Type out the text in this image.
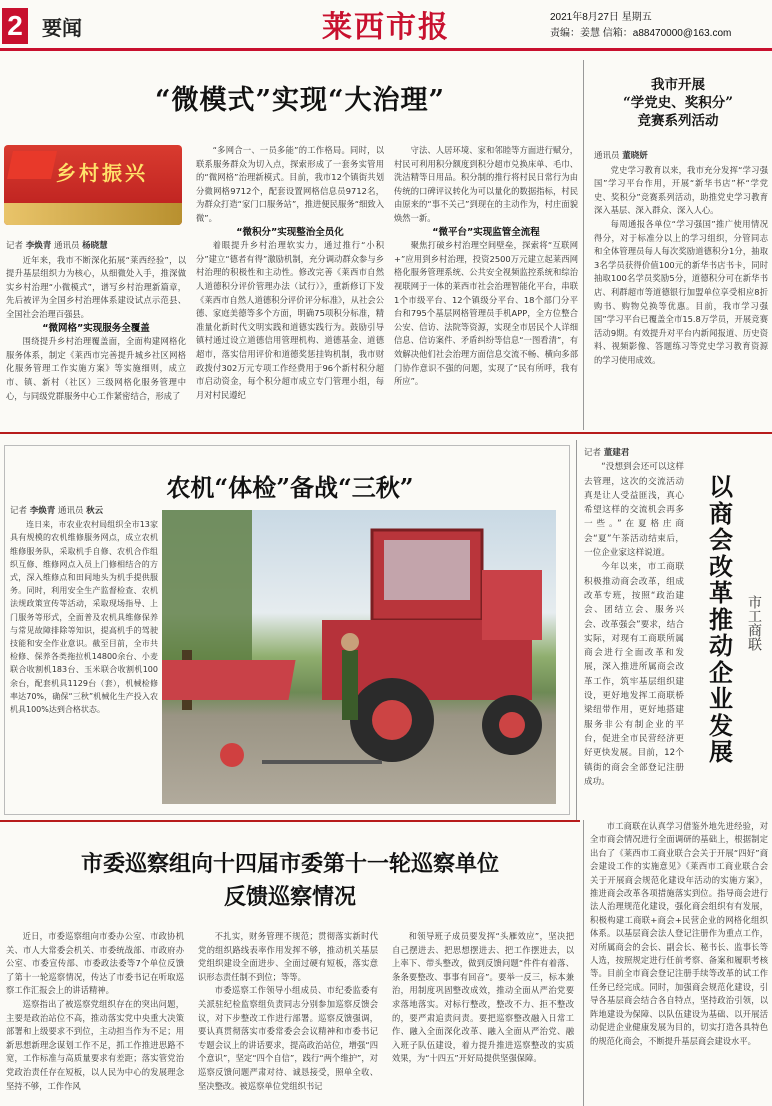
2 要闻	莱西市报	2021年8月27日 星期五
责编：姜慧 信箱：a88470000@163.com
“微模式”实现“大治理”
乡村振兴

记者 李焕青 通讯员 杨晓慧

近年来，我市不断深化拓展“莱西经验”，以提升基层组织力为核心，从细微处入手，推深做实乡村治理“小微模式”，谱写乡村治理新篇章，先后被评为全国乡村治理体系建设试点示范县、全国社会治理百强县。

“微网格”实现服务全覆盖

围绕提升乡村治理覆盖面，全面构建网格化服务体系，制定《莱西市完善提升城乡社区网格化服务管理工作实施方案》等实施细则，成立市、镇、新村（社区）三级网格化服务管理中心，与同级党群服务中心工作紧密结合，形成了

“多网合一、一员多能”的工作格局。同时，以联系服务群众为切入点，探索形成了一套务实管用的“微网格”治理新模式。目前，我市12个镇街共划分微网格9712个，配套设置网格信息员9712名，为群众打造“家门口服务站”，推进便民服务“细致入微”。

“微积分”实现整治全员化

着眼提升乡村治理软实力，通过推行“小积分”建立“德者有得”激励机制，充分调动群众参与乡村治理的积极性和主动性。修改完善《莱西市自然人道德积分评价管理办法（试行）》，重新修订下发《莱西市自然人道德积分评价评分标准》，从社会公德、家庭美德等多个方面，明确75项积分标准，精准量化新时代文明实践和道德实践行为。鼓励引导镇村通过设立道德信用管理机构、道德基金、道德超市，落实信用评价和道德奖惩挂钩机制，我市财政拨付302万元专项工作经费用于96个新村积分超市启动资金，每个积分超市成立专门管理小组，每月对村民遵纪

守法、人居环境、家和邻睦等方面进行赋分，村民可利用积分额度到积分超市兑换床单、毛巾、洗洁精等日用品。积分制的推行将村民日常行为由传统的口碑评议转化为可以量化的数据指标，村民由原来的“事不关己”到现在的主动作为，村庄面貌焕然一新。

“微平台”实现监管全流程

聚焦打破乡村治理空间壁垒，探索将“互联网+”应用到乡村治理，投资2500万元建立起莱西网格化服务管理系统、公共安全视频监控系统和综治视联网于一体的莱西市社会治理智能化平台，串联1个市级平台、12个镇级分平台、18个部门分平台和795个基层网格管理员手机APP，全方位整合公安、信访、法院等资源，实现全市居民个人详细信息、信访案件、矛盾纠纷等信息“一图看清”，有效解决他们社会治理方面信息交流不畅、横向多部门协作意识不强的问题，实现了“民有所呼，我有所应”。

我市开展
“学党史、奖积分”
竞赛系列活动

通讯员 董晓妍

党史学习教育以来，我市充分发挥“学习强国”学习平台作用，开展“新华书店”杯“学党史、奖积分”竞赛系列活动，助推党史学习教育深入基层、深入群众、深入人心。

每周通报各单位“学习强国”推广使用情况得分，对于标准分以上的学习组织，分管同志和全体管理员每人每次奖励道德积分1分，抽取3名学员获得价值100元的新华书店书卡，同时抽取100名学员奖励5分，道德积分可在新华书店、利群超市等道德银行加盟单位享受相应8折购书、购物兑换等优惠。目前，我市学习强国”学习平台已覆盖全市15.8万学员，开展竞赛活动9期。有效提升对平台内新闻报道、历史资料、视频影像、答题练习等党史学习教育资源的学习使用成效。

农机“体检”备战“三秋”

记者 李焕青 通讯员 秋云

连日来，市农业农村局组织全市13家具有规模的农机维修服务网点，成立农机维修服务队，采取机手自修、农机合作组织互修、维修网点入员上门修相结合的方式，深入维修点和田间地头为机手提供服务。同时，利用安全生产监督检查、农机法规政策宣传等活动，采取现场指导、上门服务等形式，全面普及农机具维修保养与常见故障排除等知识，提高机手的驾驶技能和安全作业意识。截至目前，全市共检修、保养各类拖拉机14800余台、小麦联合收割机183台、玉米联合收割机100余台，配套机具1129台（套），机械检修率达70%，确保“三秋”机械化生产投入农机具100%达到合格状态。

记者 董建君

“没想到会还可以这样去管理，这次的交流活动真是让人受益匪浅，真心希望这样的交流机会再多一些。”在夏格庄商会“夏”午茶活动结束后，一位企业家这样说道。

今年以来，市工商联积极推动商会改革，组成改革专班，按照“政治建会、团结立会、服务兴会、改革强会”要求，结合实际，对现有工商联所属商会进行全面改革和发展，深入推进所属商会改革工作，筑牢基层组织建设，更好地发挥工商联桥梁纽带作用，更好地搭建服务非公有制企业的平台，促进全市民营经济更好更快发展。目前，12个镇街的商会全部登记注册成功。

以
商
会
改
革
推
动
企
业
发
展
市工商联

市工商联在认真学习借鉴外地先进经验，对全市商会情况进行全面调研的基础上，根据制定出台了《莱西市工商业联合会关于开展“四好”商会建设工作的实施意见》《莱西市工商业联合会关于开展商会规范化建设年活动的实施方案》，推进商会改革各项措施落实到位。指导商会进行法人治理规范化建设，强化商会组织有有发展，积极构建工商联+商会+民营企业的网格化组织体系。以基层商会法人登记注册作为重点工作，对所属商会的会长、副会长、秘书长、监事长等人选，按照规定进行任前考察、备案和履职考核等。目前全市商会登记注册手续等改革的试工作任务已经完成。同时，加强商会规范化建设，引导各基层商会结合各自特点，坚持政治引领，以阵地建设为保障、以队伍建设为基础、以开展活动促进企业健康发展为目的，切实打造各具特色的规范化商会，不断提升基层商会建设水平。

市委巡察组向十四届市委第十一轮巡察单位
反馈巡察情况

近日，市委巡察组向市委办公室、市政协机关、市人大常委会机关、市委统战部、市政府办公室、市委宣传部、市委政法委等7个单位反馈了第十一轮巡察情况，传达了市委书记在听取巡察工作汇报会上的讲话精神。

巡察指出了被巡察党组织存在的突出问题，主要是政治站位不高，推动落实党中央重大决策部署和上级要求不到位，主动担当作为不足；用新思想新理念谋划工作不足，抓工作推进思路不宽，工作标准与高质量要求有差距；落实管党治党政治责任存在短板，以人民为中心的发展理念坚持不够，工作作风

不扎实，财务管理不规范；贯彻落实新时代党的组织路线表率作用发挥不够，推动机关基层党组织建设全面进步、全面过硬有短板，落实意识形态责任制不到位；等等。

市委巡察工作领导小组成员、市纪委监委有关派驻纪检监察组负责同志分别参加巡察反馈会议，对下步整改工作进行部署。巡察反馈强调，要认真贯彻落实市委常委会会议精神和市委书记专题会议上的讲话要求，提高政治站位，增强“四个意识”，坚定“四个自信”，践行“两个维护”，对巡察反馈问题严肃对待、诚恳接受，照单全收、坚决整改。被巡察单位党组织书记

和领导班子成员要发挥“头雁效应”，坚决把自己摆进去、把思想摆进去、把工作摆进去，以上率下、带头整改，做到反馈问题“件件有着落、条条要整改、事事有回音”。要举一反三，标本兼治，用制度巩固整改成效，推动全面从严治党要求落地落实。对标行整改，整改不力、拒不整改的，要严肃追责问责。要把巡察整改融入日常工作、融入全面深化改革、融入全面从严治党、融入班子队伍建设，着力提升推进巡察整改的实质效果，为“十四五”开好局提供坚强保障。
